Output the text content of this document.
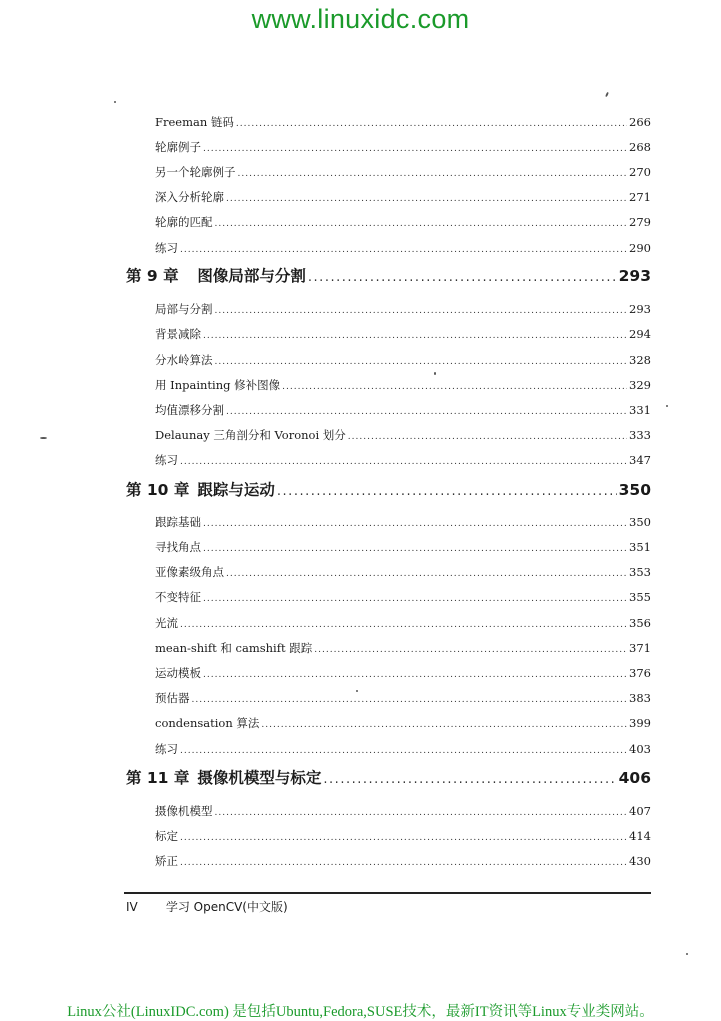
www.linuxidc.com
Freeman 链码 .....	266
轮廓例子 .....	268
另一个轮廓例子 .....	270
深入分析轮廓 .....	271
轮廓的匹配 .....	279
练习 .....	290
第 9 章 图像局部与分割 .....	293
局部与分割 .....	293
背景减除 .....	294
分水岭算法 .....	328
用 Inpainting 修补图像 .....	329
均值漂移分割 .....	331
Delaunay 三角剖分和 Voronoi 划分 .....	333
练习 .....	347
第 10 章 跟踪与运动 .....	350
跟踪基础 .....	350
寻找角点 .....	351
亚像素级角点 .....	353
不变特征 .....	355
光流 .....	356
mean-shift 和 camshift 跟踪 .....	371
运动模板 .....	376
预估器 .....	383
condensation 算法 .....	399
练习 .....	403
第 11 章 摄像机模型与标定 .....	406
摄像机模型 .....	407
标定 .....	414
矫正 .....	430
IV 学习 OpenCV(中文版)
Linux公社(LinuxIDC.com) 是包括Ubuntu,Fedora,SUSE技术，最新IT资讯等Linux专业类网站。
